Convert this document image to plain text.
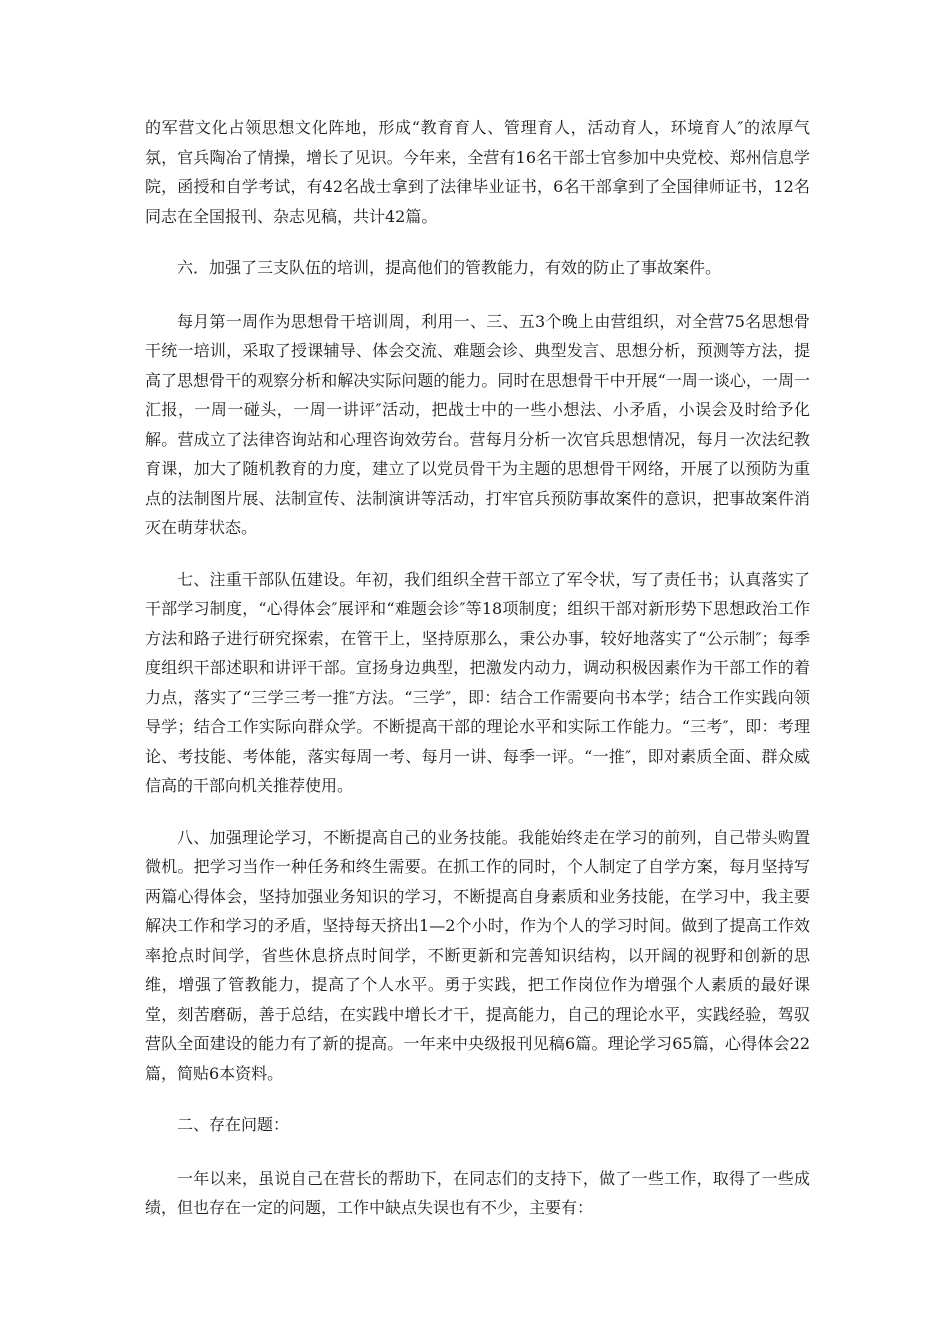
的军营文化占领思想文化阵地，形成“教育育人、管理育人，活动育人，环境育人″的浓厚气氛，官兵陶冶了情操，增长了见识。今年来，全营有16名干部士官参加中央党校、郑州信息学院，函授和自学考试，有42名战士拿到了法律毕业证书，6名干部拿到了全国律师证书，12名同志在全国报刊、杂志见稿，共计42篇。

六．加强了三支队伍的培训，提高他们的管教能力，有效的防止了事故案件。

每月第一周作为思想骨干培训周，利用一、三、五3个晚上由营组织，对全营75名思想骨干统一培训，采取了授课辅导、体会交流、难题会诊、典型发言、思想分析，预测等方法，提高了思想骨干的观察分析和解决实际问题的能力。同时在思想骨干中开展“一周一谈心，一周一汇报，一周一碰头，一周一讲评″活动，把战士中的一些小想法、小矛盾，小误会及时给予化解。营成立了法律咨询站和心理咨询效劳台。营每月分析一次官兵思想情况，每月一次法纪教育课，加大了随机教育的力度，建立了以党员骨干为主题的思想骨干网络，开展了以预防为重点的法制图片展、法制宣传、法制演讲等活动，打牢官兵预防事故案件的意识，把事故案件消灭在萌芽状态。

七、注重干部队伍建设。年初，我们组织全营干部立了军令状，写了责任书；认真落实了干部学习制度，“心得体会″展评和“难题会诊″等18项制度；组织干部对新形势下思想政治工作方法和路子进行研究探索，在管干上，坚持原那么，秉公办事，较好地落实了“公示制″；每季度组织干部述职和讲评干部。宣扬身边典型，把激发内动力，调动积极因素作为干部工作的着力点，落实了“三学三考一推″方法。“三学″，即：结合工作需要向书本学；结合工作实践向领导学；结合工作实际向群众学。不断提高干部的理论水平和实际工作能力。“三考″，即：考理论、考技能、考体能，落实每周一考、每月一讲、每季一评。“一推″，即对素质全面、群众威信高的干部向机关推荐使用。

八、加强理论学习，不断提高自己的业务技能。我能始终走在学习的前列，自己带头购置微机。把学习当作一种任务和终生需要。在抓工作的同时，个人制定了自学方案，每月坚持写两篇心得体会，坚持加强业务知识的学习，不断提高自身素质和业务技能，在学习中，我主要解决工作和学习的矛盾，坚持每天挤出1—2个小时，作为个人的学习时间。做到了提高工作效率抢点时间学，省些休息挤点时间学，不断更新和完善知识结构，以开阔的视野和创新的思维，增强了管教能力，提高了个人水平。勇于实践，把工作岗位作为增强个人素质的最好课堂，刻苦磨砺，善于总结，在实践中增长才干，提高能力，自己的理论水平，实践经验，驾驭营队全面建设的能力有了新的提高。一年来中央级报刊见稿6篇。理论学习65篇，心得体会22篇，简贴6本资料。

二、存在问题：

一年以来，虽说自己在营长的帮助下，在同志们的支持下，做了一些工作，取得了一些成绩，但也存在一定的问题，工作中缺点失误也有不少，主要有：
